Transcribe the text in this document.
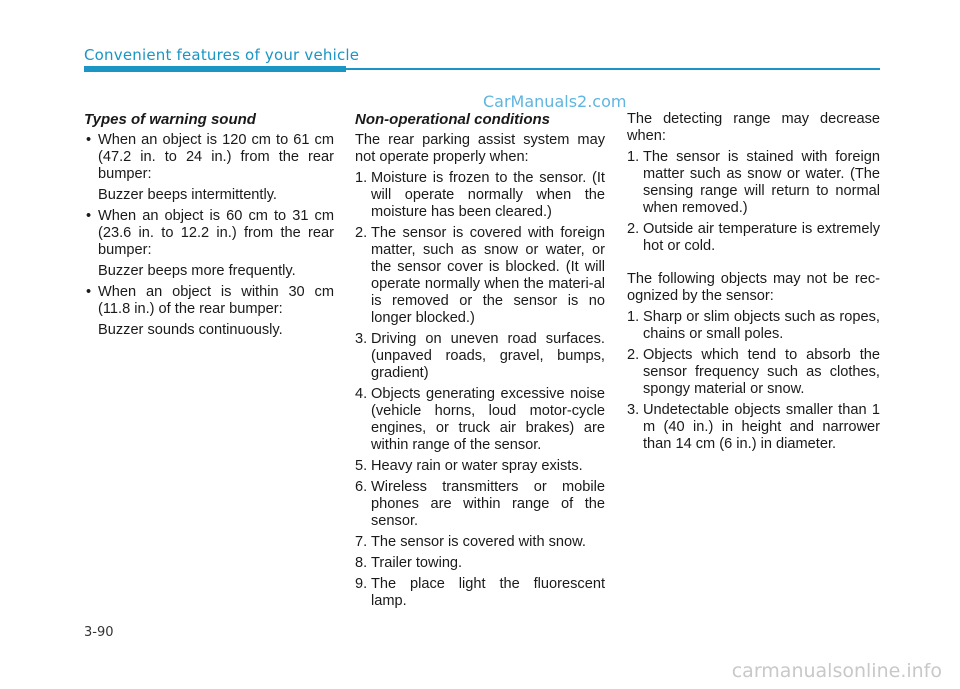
Convenient features of your vehicle
CarManuals2.com
Types of warning sound
• When an object is 120 cm to 61 cm (47.2 in. to 24 in.) from the rear bumper:
Buzzer beeps intermittently.
• When an object is 60 cm to 31 cm (23.6 in. to 12.2 in.) from the rear bumper:
Buzzer beeps more frequently.
• When an object is within 30 cm (11.8 in.) of the rear bumper:
Buzzer sounds continuously.
Non-operational conditions

The rear parking assist system may not operate properly when:

1. Moisture is frozen to the sensor. (It will operate normally when the moisture has been cleared.)
2. The sensor is covered with foreign matter, such as snow or water, or the sensor cover is blocked. (It will operate normally when the materi-al is removed or the sensor is no longer blocked.)
3. Driving on uneven road surfaces. (unpaved roads, gravel, bumps, gradient)
4. Objects generating excessive noise (vehicle horns, loud motor-cycle engines, or truck air brakes) are within range of the sensor.
5. Heavy rain or water spray exists.
6. Wireless transmitters or mobile phones are within range of the sensor.
7. The sensor is covered with snow.
8. Trailer towing.
9. The place light the fluorescent lamp.

The detecting range may decrease when:

1. The sensor is stained with foreign matter such as snow or water. (The sensing range will return to normal when removed.)
2. Outside air temperature is extremely hot or cold.

The following objects may not be rec-ognized by the sensor:

1. Sharp or slim objects such as ropes, chains or small poles.
2. Objects which tend to absorb the sensor frequency such as clothes, spongy material or snow.
3. Undetectable objects smaller than 1 m (40 in.) in height and narrower than 14 cm (6 in.) in diameter.
3-90
carmanualsonline.info
